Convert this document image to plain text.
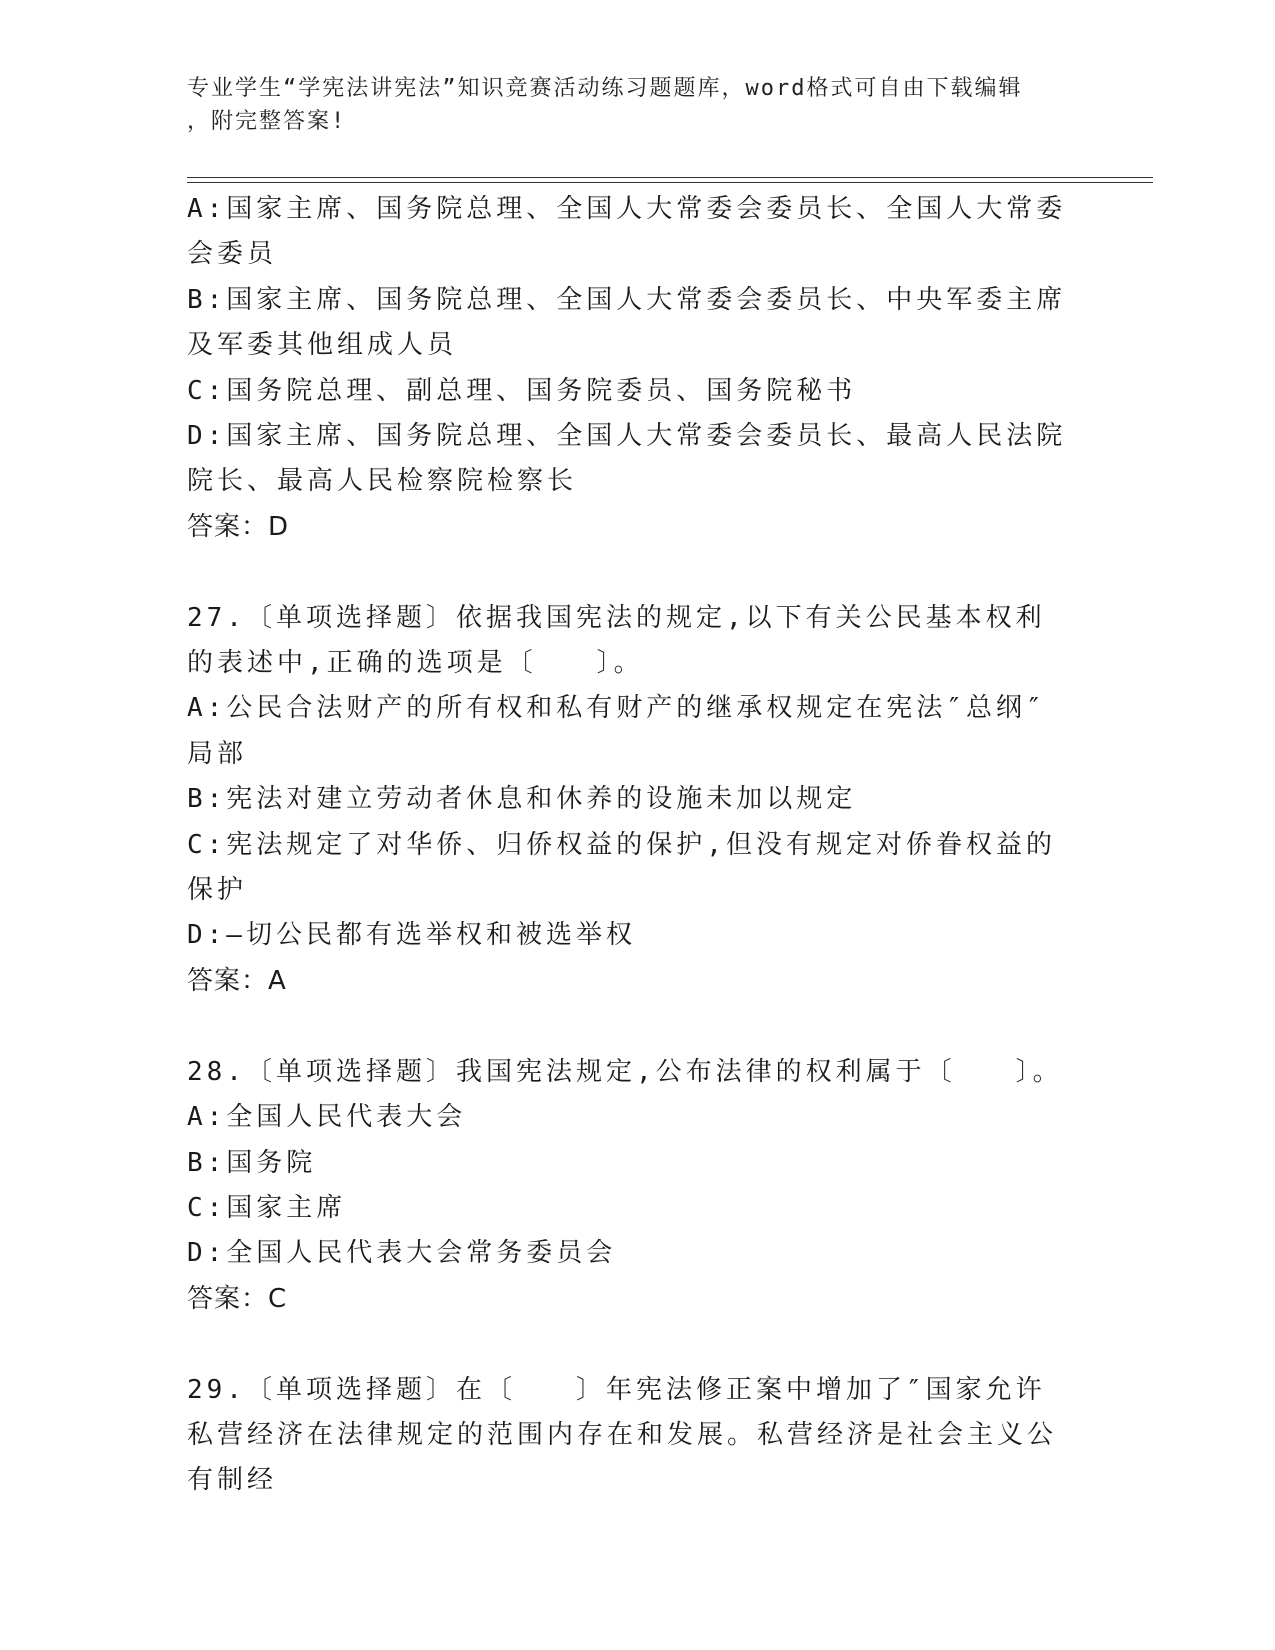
专业学生“学宪法讲宪法”知识竞赛活动练习题题库，word格式可自由下载编辑
，附完整答案!
A:国家主席、国务院总理、全国人大常委会委员长、全国人大常委会委员
B:国家主席、国务院总理、全国人大常委会委员长、中央军委主席及军委其他组成人员
C:国务院总理、副总理、国务院委员、国务院秘书
D:国家主席、国务院总理、全国人大常委会委员长、最高人民法院院长、最高人民检察院检察长
答案：D
27.〔单项选择题〕依据我国宪法的规定,以下有关公民基本权利的表述中,正确的选项是〔　　〕。
A:公民合法财产的所有权和私有财产的继承权规定在宪法″总纲″局部
B:宪法对建立劳动者休息和休养的设施未加以规定
C:宪法规定了对华侨、归侨权益的保护,但没有规定对侨眷权益的保护
D:—切公民都有选举权和被选举权
答案：A
28.〔单项选择题〕我国宪法规定,公布法律的权利属于〔　　〕。
A:全国人民代表大会
B:国务院
C:国家主席
D:全国人民代表大会常务委员会
答案：C
29.〔单项选择题〕在〔　　〕年宪法修正案中增加了″国家允许私营经济在法律规定的范围内存在和发展。私营经济是社会主义公有制经
